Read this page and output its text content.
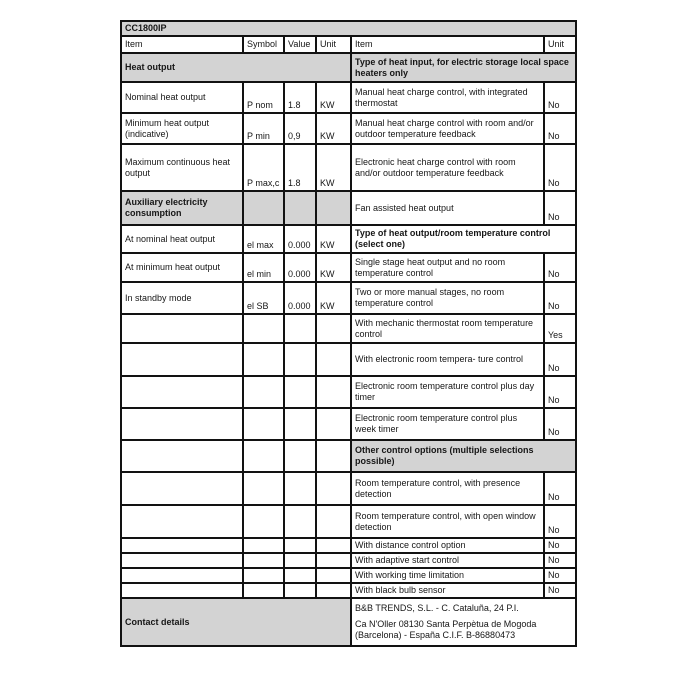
CC1800IP					
Item	Symbol	Value	Unit	Item	Unit
Heat output				Type of heat input, for electric storage local space heaters only	
Nominal heat output	P nom	1.8	KW	Manual heat charge control, with integrated thermostat	No
Minimum heat output (indicative)	P min	0,9	KW	Manual heat charge control with room and/or outdoor temperature feedback	No
Maximum continuous heat output	P max,c	1.8	KW	Electronic heat charge control with room and/or outdoor temperature feedback	No
Auxiliary electricity consumption				Fan assisted heat output	No
At nominal heat output	el max	0.000	KW	Type of heat output/room temperature control (select one)	
At minimum heat output	el min	0.000	KW	Single stage heat output and no room temperature control	No
In standby mode	el SB	0.000	KW	Two or more manual stages, no room temperature control	No
				With mechanic thermostat room temperature control	Yes
				With electronic room tempera- ture control	No
				Electronic room temperature control plus day timer	No
				Electronic room temperature control plus week timer	No
				Other control options (multiple selections possible)	
				Room temperature control, with presence detection	No
				Room temperature control, with open window detection	No
				With distance control option	No
				With adaptive start control	No
				With working time limitation	No
				With black bulb sensor	No
Contact details				B&B TRENDS, S.L. - C. Cataluña, 24 P.I.
Ca N'Oller 08130 Santa Perpètua de Mogoda (Barcelona) - España C.I.F. B-86880473	
